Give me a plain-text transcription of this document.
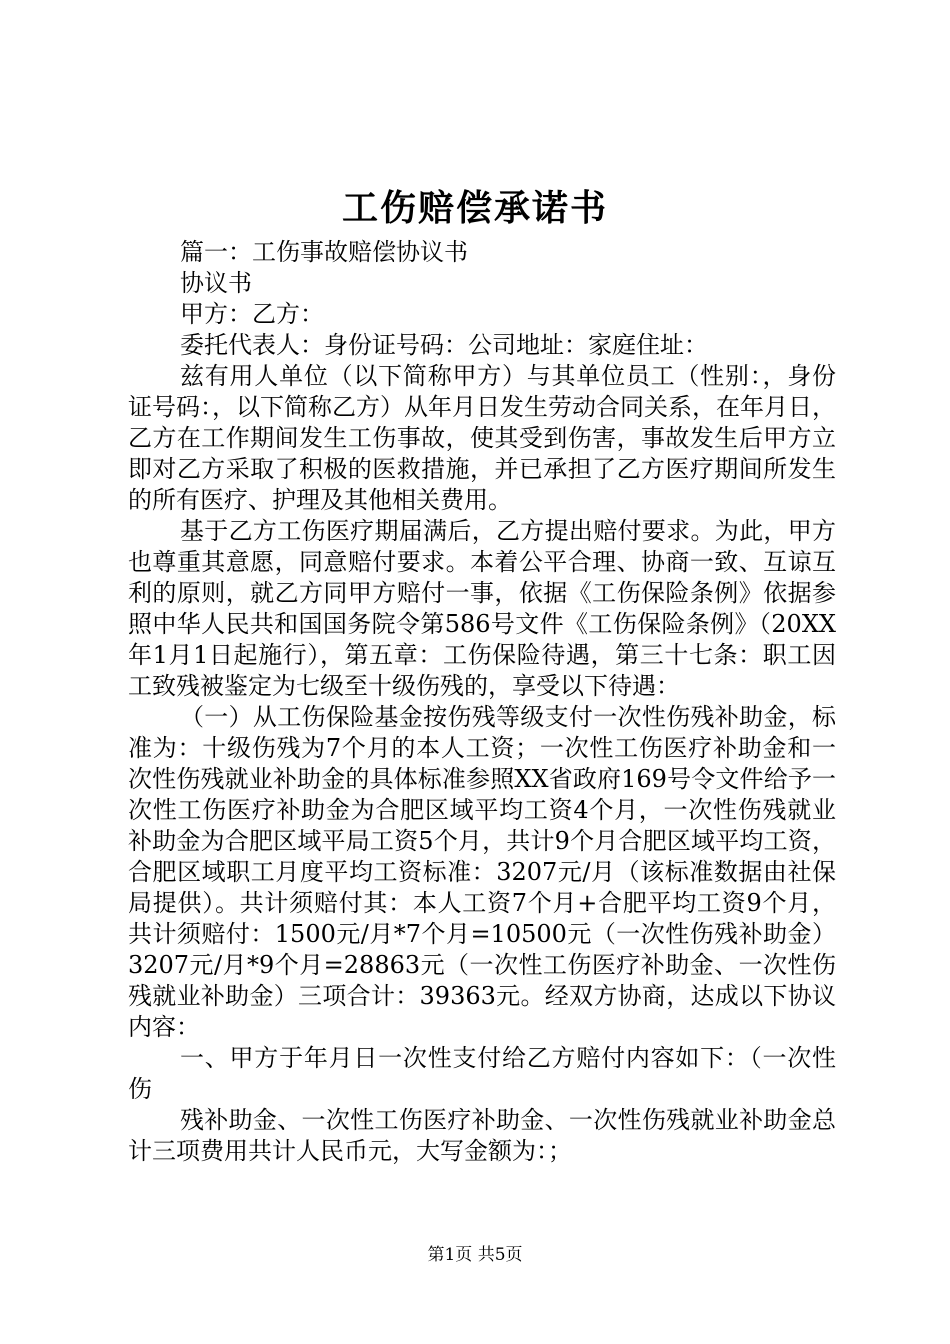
工伤赔偿承诺书

篇一：工伤事故赔偿协议书

协议书

甲方：乙方：

委托代表人：身份证号码：公司地址：家庭住址：

兹有用人单位（以下简称甲方）与其单位员工（性别：，身份证号码：，以下简称乙方）从年月日发生劳动合同关系，在年月日，乙方在工作期间发生工伤事故，使其受到伤害，事故发生后甲方立即对乙方采取了积极的医救措施，并已承担了乙方医疗期间所发生的所有医疗、护理及其他相关费用。

基于乙方工伤医疗期届满后，乙方提出赔付要求。为此，甲方也尊重其意愿，同意赔付要求。本着公平合理、协商一致、互谅互利的原则，就乙方同甲方赔付一事，依据《工伤保险条例》依据参照中华人民共和国国务院令第586号文件《工伤保险条例》（20XX年1月1日起施行），第五章：工伤保险待遇，第三十七条：职工因工致残被鉴定为七级至十级伤残的，享受以下待遇：

（一）从工伤保险基金按伤残等级支付一次性伤残补助金，标准为：十级伤残为7个月的本人工资；一次性工伤医疗补助金和一次性伤残就业补助金的具体标准参照XX省政府169号令文件给予一次性工伤医疗补助金为合肥区域平均工资4个月，一次性伤残就业补助金为合肥区域平局工资5个月，共计9个月合肥区域平均工资，合肥区域职工月度平均工资标准：3207元/月（该标准数据由社保局提供）。共计须赔付其：本人工资7个月+合肥平均工资9个月，共计须赔付：1500元/月*7个月=10500元（一次性伤残补助金）3207元/月*9个月=28863元（一次性工伤医疗补助金、一次性伤残就业补助金）三项合计：39363元。经双方协商，达成以下协议内容：

一、甲方于年月日一次性支付给乙方赔付内容如下：（一次性伤

残补助金、一次性工伤医疗补助金、一次性伤残就业补助金总计三项费用共计人民币元，大写金额为：；

第1页 共5页
